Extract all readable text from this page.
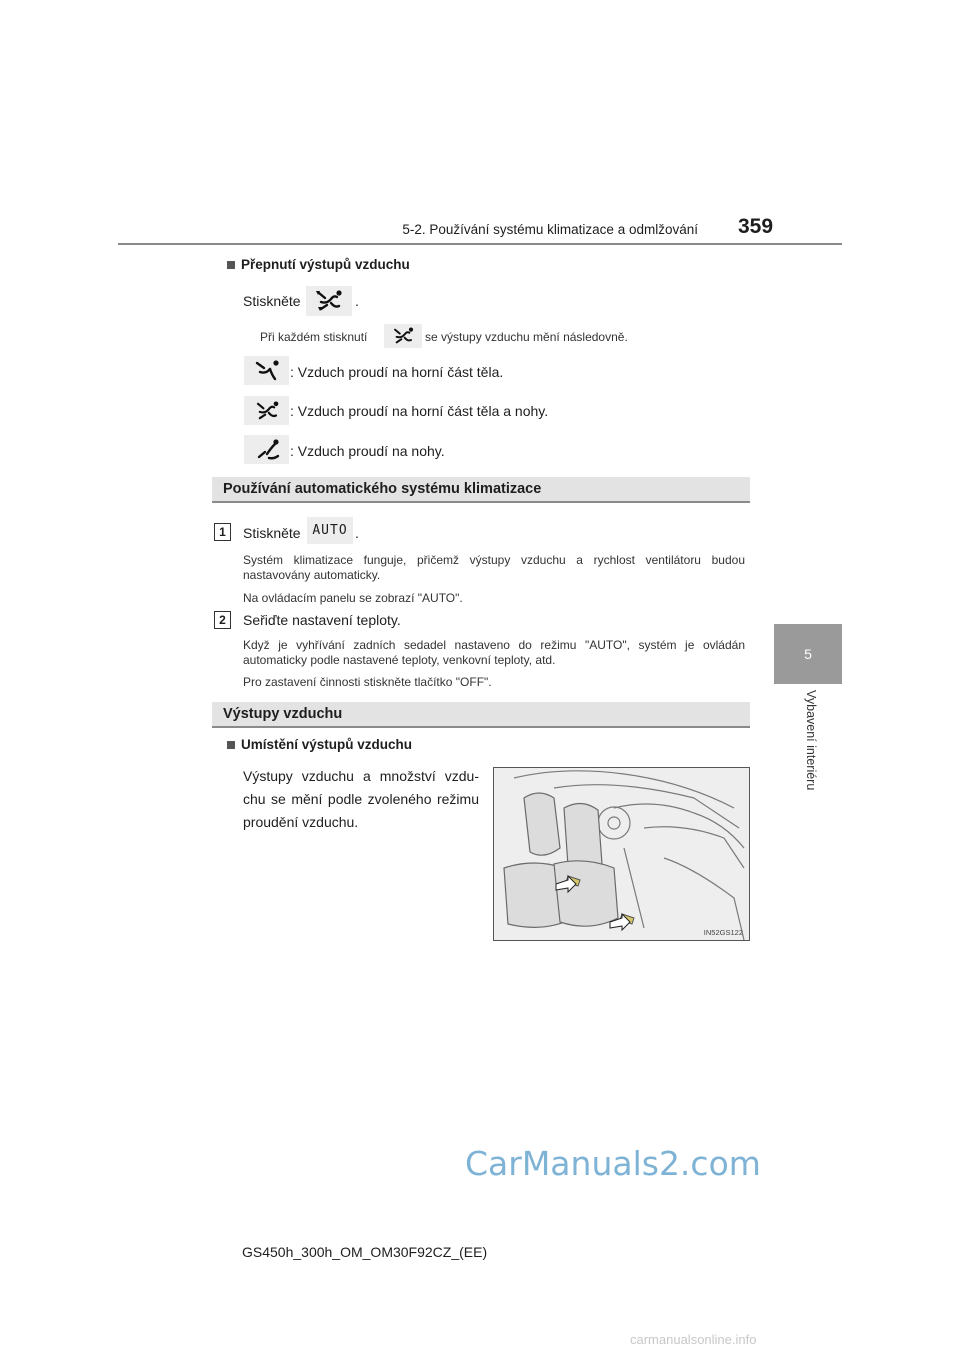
5-2. Používání systému klimatizace a odmlžování 359
5
Vybavení interiéru
Přepnutí výstupů vzduchu
Stiskněte	.
Při každém stisknutí	se výstupy vzduchu mění následovně.
: Vzduch proudí na horní část těla.
: Vzduch proudí na horní část těla a nohy.
: Vzduch proudí na nohy.
Používání automatického systému klimatizace
1	Stiskněte AUTO .
Systém klimatizace funguje, přičemž výstupy vzduchu a rychlost ventilátoru budou
nastavovány automaticky.
Na ovládacím panelu se zobrazí "AUTO".
2	Seřiďte nastavení teploty.
Když je vyhřívání zadních sedadel nastaveno do režimu "AUTO", systém je ovládán
automaticky podle nastavené teploty, venkovní teploty, atd.
Pro zastavení činnosti stiskněte tlačítko "OFF".
Výstupy vzduchu
Umístění výstupů vzduchu
Výstupy vzduchu a množství vzdu-
chu se mění podle zvoleného režimu
proudění vzduchu.
IN52GS122
GS450h_300h_OM_OM30F92CZ_(EE)
CarManuals2.com
carmanualsonline.info
